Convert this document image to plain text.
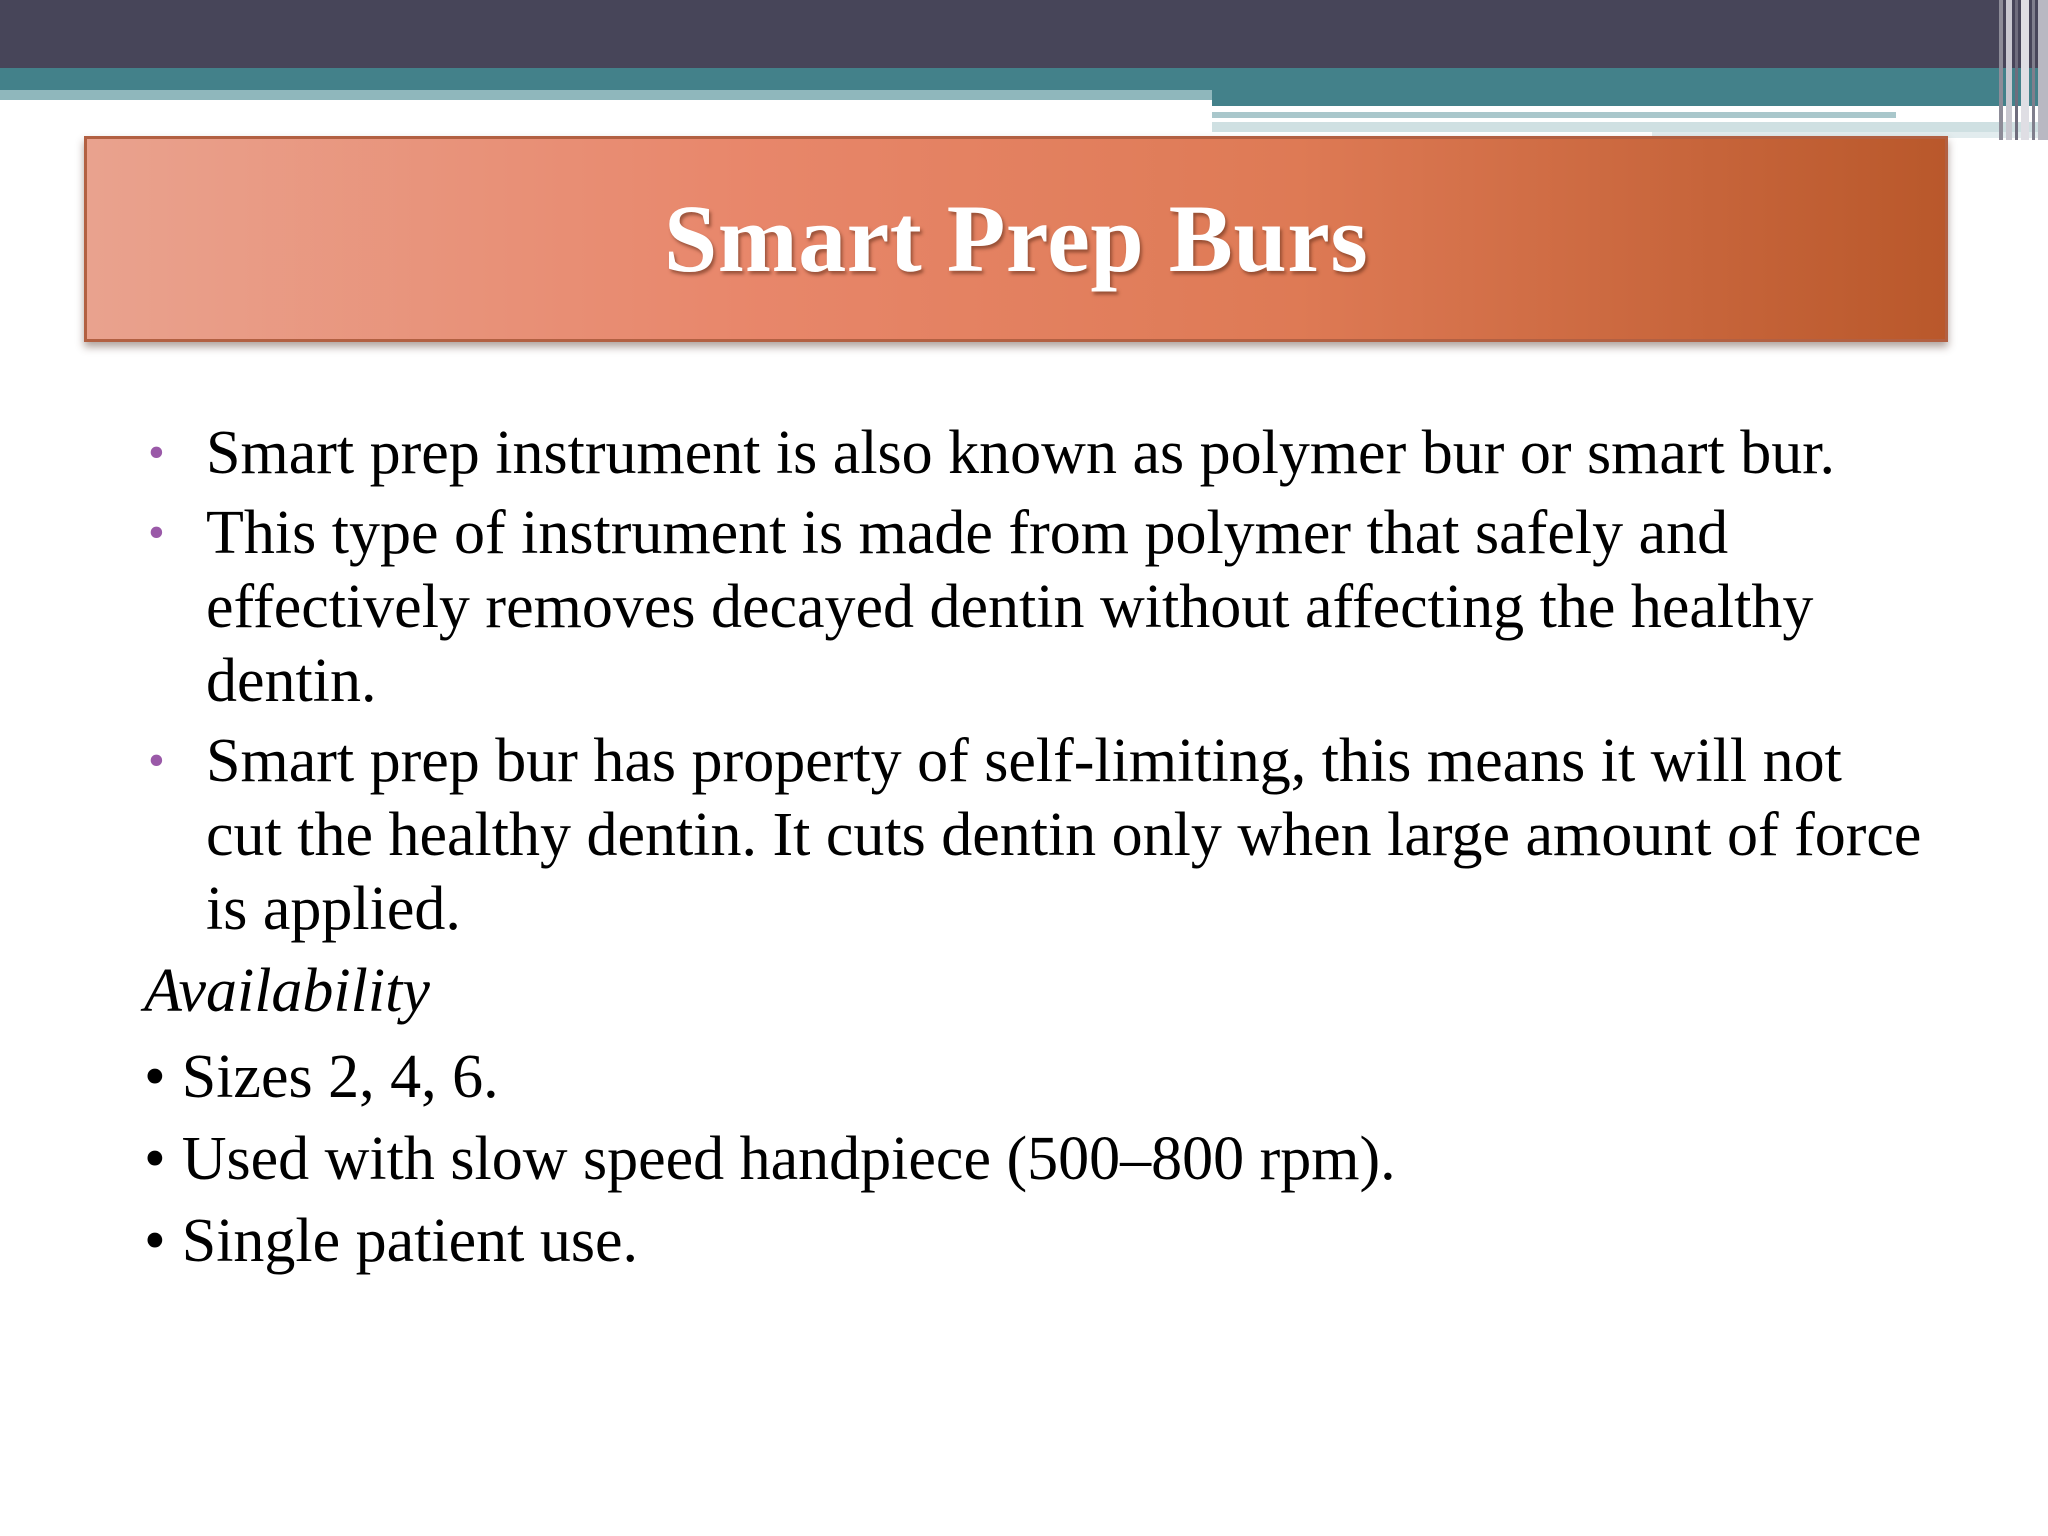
Smart Prep Burs
• Smart prep instrument is also known as polymer bur or smart bur.
• This type of instrument is made from polymer that safely and effectively removes decayed dentin without affecting the healthy dentin.
• Smart prep bur has property of self-limiting, this means it will not cut the healthy dentin. It cuts dentin only when large amount of force is applied.
Availability
• Sizes 2, 4, 6.
• Used with slow speed handpiece (500–800 rpm).
• Single patient use.
